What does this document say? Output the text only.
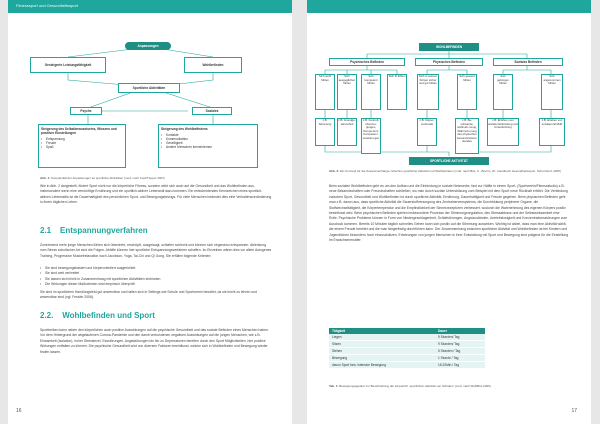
Fitnesssport und Gesundheitssport
Anpassungen
Gesteigerte Leistungsfähigkeit	Wohlbefinden
Sportliche Aktivitäten
Psyche	Soziales
Steigerung des Selbstbewusstseins, Wissens und positiver Einstellungen
• Entspannung
• Freude
• Spaß
Steigerung des Wohlbefindens
• Kontakte
• Kommunikation
• Geselligkeit
• Andere Menschen kennenlernen
Abb. 1: Komplexität der Anpassungen an sportliche Aktivitäten (mod. nach Kopf/Töpper 2007)
Wie in Abb. 2 dargestellt, fördert Sport nicht nur die körperliche Fitness, sondern wirkt sich auch auf die Gesundheit und das Wohlbefinden aus, insbesondere wenn eine vernünftige Ernährung und ein sportlich-aktiver Lebensstil dazu kommen. Ein entscheidendes Kennzeichen eines sportlich-aktiven Lebensstils ist die Dauerhaftigkeit des persönlichen Sport- und Bewegungsbezugs. Für viele Menschen bedeutet dies eine Verhaltensveränderung in ihrem täglichen Leben.
2.1 Entspannungverfahren
Zunehmend mehr junge Menschen fühlen sich überdreht, erschöpft, ausgelaugt, schlafen schlecht und können sich nirgendwo entspannen. Ablenkung vom Stress schulischer Art sind die Folgen. Abhilfe können hier sportliche Entspannungsverfahren schaffen. Im Einzelnen wären dies vor allem Autogenes Training, Progressive Muskelrelaxation nach Jacobson, Yoga, Tai-Chi und Qi Gong. Sie erfüllen folgende Kriterien:
• Sie sind bewegungsbasiert und körperorientiert ausgerichtet
• Sie sind weit verbreitet
• Sie lassen sich leicht in Zusammenhang mit sportlichen Aktivitäten einbinden
• Die Wirkungen dieser Maßnahmen sind empirisch überprüft
Sie sind im sportlichen Handlungsfeld gut anwendbar und halten sich in Settings wie Schule und Sportverein bewährt, da sie leicht zu lehren und anwendbar sind (vgl. Fessler 2006).
2.2. Wohlbefinden und Sport
Sporttreiben kann neben den körperlichen auch positive Auswirkungen auf die psychische Gesundheit und das soziale Befinden eines Menschen haben. Vor dem Hintergrund der abgelaufenen Corona-Pandemie und den damit verbundenen negativen Auswirkungen auf die jungen Menschen, wie z.B. Einsamkeit (Isolation), hoher Stresslevel, Essstörungen, Angststörungen bis hin zu Depressionen bereiten durch den Sport Möglichkeiten, hier positive Wirkungen entfalten zu können. Die psychische Gesundheit wird von diversen Faktoren beeinflusst, welche sich in Wohlbefinden und Bewegung wieder finden lassen.
16
WOHLBEFINDEN
Psychisches Befinden	Physisches Befinden	Soziales Befinden
Sich wohl fühlen
Sich ausgeglichen fühlen
Sich kompetent fühlen
Sich fit fühlen	Sich in seinem Körper sicher und gut fühlen
Sich gesund fühlen
Sich geborgen fühlen
Sich angenommen fühlen
z.B. Stimmung
z.B. Grundge-stimmtheit
z.B. Kontroll-überzeu-gungen, Kompe-tenz, Kompetenz-erwartun-gen
z.B. Körper-merkmale
z.B. Be-schwerde-wahrneh-mung, Wahrneh-mung des physischen Gesund-heitszu-standes
z.B. Erfahren von sozialer Einbindung und Unterstützung
z.B. Erleben von sozialem Einfluß
SPORTLICHE AKTIVITÄT
Abb. 2: Ein Konzept für die Zusammenhänge zwischen sportlicher Aktivität und Wohlbefinden (mod. nach Bös, K., Brehm, W.: Handbuch Gesundheitssport, Schorndorf, 2006)
Beim sozialen Wohlbefinden geht es um den Aufbau und die Einbindung in soziale Netzwerke, fast zur Hälfte in einem Sport- (Sportverein/Fitnessstudio) z.B. neue Bekanntschaften oder Freundschaften schließen, wo man durch soziale Unterstützung zum Beispiel mit dem Sport neue Rückhalt erfährt. Die Verbindung zwischen Sport, Gesundheit und Wohlbefinden ist durch sportliche Aktivität, Ernährung, Dauerhaftigkeit und Freude gegeben. Beim physischen Befinden geht man z.B. davon aus, dass sportliche Aktivität die Sauerstoffversorgung des Zentralnervensystems, die Durchblutung peripherer Organe, die Stoffwechseltätigkeit, die Körpertemperatur und die Empfindlichkeit der Sinnesrezeptoren verbessert, wodurch die Wahrnehmung des eigenen Körpers positiv beeinflusst wird. Beim psychischen Befinden spielen insbesondere Prozesse der Stimmungsregulation, des Stressabbaus und der Selbstwirksamkeit eine Rolle. Psychische Probleme können in Form von Niedergeschlagenheit, Schlafstörungen, Angstzuständen, Antriebslosigkeit und Konzentrationsstörungen zum Ausdruck kommen. Bereits 10 Minuten täglich schnelles Gehen kann sich positiv auf die Stimmung auswirken. Wichtig ist dabei, dass man eine Aktivität wählt, die einem Freude bereitet und die man längerfristig durchführen kann. Der Zusammenhang zwischen sportlicher Aktivität und Wohlbefinden ist bei Kindern und Jugendlichen besonders hoch einzuschätzen. Erfahrungen von jungen Menschen in ihrer Entwicklung mit Sport und Bewegung sind prägend für die Einstellung im Erwachsenenalter.
Tätigkeit	Dauer
Liegen	9 Stunden/ Tag
Sitzen	9 Stunden/ Tag
Stehen	5 Stunden / Tag
Bewegung	1 Stunde / Tag
davon Sport bzw. intensive Bewegung	15-20Min./ Tag
Tab. 1: Bewegungsgeplant zur Beschreibung der körperlich -sportlichen Aktivität von Schülern (mod. nach Woll/Bös 2006)
17
